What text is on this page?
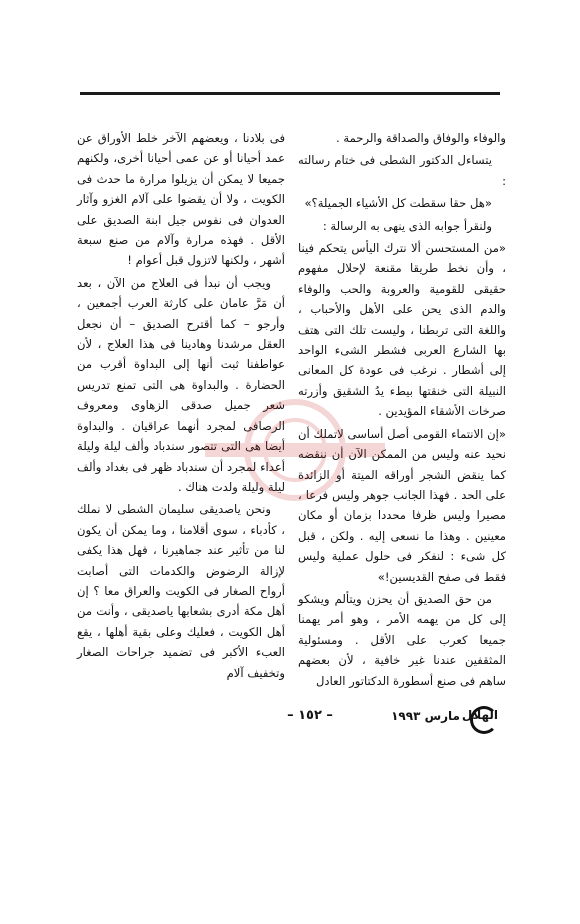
والوفاء والوفاق والصداقة والرحمة .

يتساءل الدكتور الشطى فى ختام رسالته :

«هل حقا سقطت كل الأشياء الجميلة؟»

ولنقرأ جوابه الذى ينهى به الرسالة :

«من المستحسن ألا نترك اليأس يتحكم فينا ، وأن نخط طريقا مقنعة لإحلال مفهوم حقيقى للقومية والعروبة والحب والوفاء والدم الذى يحن على الأهل والأحباب ، واللغة التى تربطنا ، وليست تلك التى هتف بها الشارع العربى فشطر الشىء الواحد إلى أشطار . نرغب فى عودة كل المعانى النبيلة التى خنقتها بيطء يدُ الشقيق وأزرته صرخات الأشقاء المؤيدين .

«إن الانتماء القومى أصل أساسى لاتملك أن نحيد عنه وليس من الممكن الآن أن ننقضه كما ينقض الشجر أوراقه الميتة أو الزائدة على الحد . فهذا الجانب جوهر وليس فرعا ، مصيرا وليس ظرفا محددا بزمان أو مكان معينين . وهذا ما نسعى إليه . ولكن ، قبل كل شىء : لنفكر فى حلول عملية وليس فقط فى صفح القديسين!»

من حق الصديق أن يحزن ويتألم ويشكو إلى كل من يهمه الأمر ، وهو أمر يهمنا جميعا كعرب على الأقل . ومسئولية المثقفين عندنا غير خافية ، لأن بعضهم ساهم فى صنع أسطورة الدكتاتور العادل

فى بلادنا ، ويعضهم الآخر خلط الأوراق عن عمد أحيانا أو عن عمى أحيانا أخرى، ولكنهم جميعا لا يمكن أن يزيلوا مرارة ما حدث فى الكويت ، ولا أن يقضوا على آلام الغزو وآثار العدوان فى نفوس جيل ابنة الصديق على الأقل . فهذه مرارة وآلام من صنع سبعة أشهر ، ولكنها لاتزول قبل أعوام !

ويجب أن نبدأ فى العلاج من الآن ، بعد أن مَرَّ عامان على كارثة العرب أجمعين ، وأرجو – كما أقترح الصديق – أن نجعل العقل مرشدنا وهادينا فى هذا العلاج ، لأن عواطفنا ثبت أنها إلى البداوة أقرب من الحضارة . والبداوة هى التى تمنع تدريس شعر جميل صدقى الزهاوى ومعروف الرصافى لمجرد أنهما عراقيان . والبداوة أيضا هى التى تتصور سندباد وألف ليلة وليلة أعداء لمجرد أن سندباد ظهر فى بغداد وألف ليلة وليلة ولدت هناك .

ونحن ياصديقى سليمان الشطى لا نملك ، كأدباء ، سوى أقلامنا ، وما يمكن أن يكون لنا من تأثير عند جماهيرنا ، فهل هذا يكفى لإزالة الرضوض والكدمات التى أصابت أرواح الصغار فى الكويت والعراق معا ؟ إن أهل مكة أدرى بشعابها ياصديقى ، وأنت من أهل الكويت ، فعليك وعلى بقية أهلها ، يقع العبء الأكبر فى تضميد جراحات الصغار وتخفيف آلام

– ١٥٢ –	مارس ١٩٩٣ الهلال
